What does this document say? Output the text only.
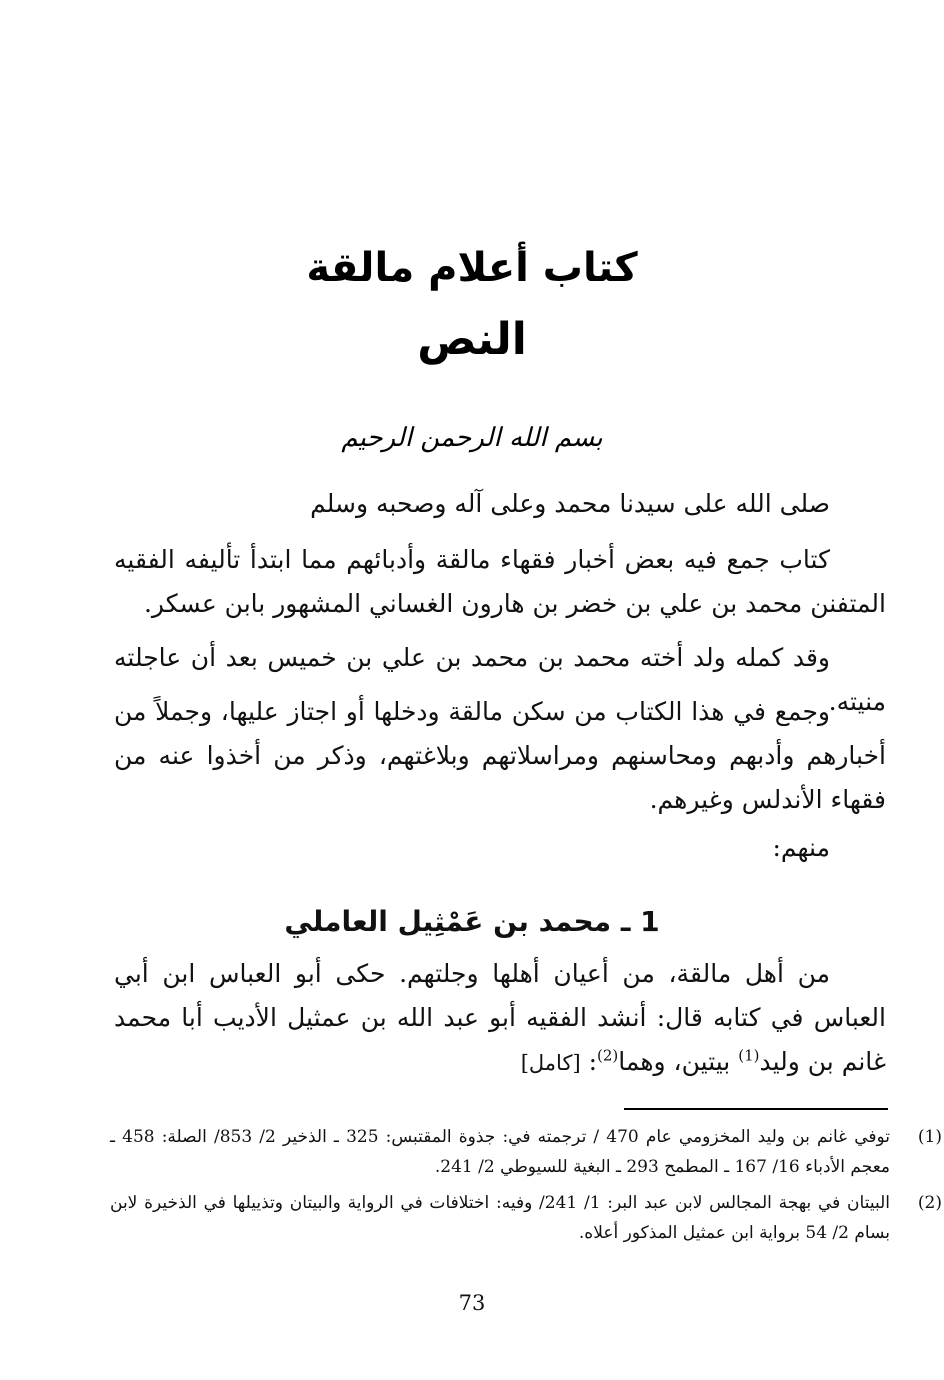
كتاب أعلام مالقة
النص
بسم الله الرحمن الرحيم

صلى الله على سيدنا محمد وعلى آله وصحبه وسلم

كتاب جمع فيه بعض أخبار فقهاء مالقة وأدبائهم مما ابتدأ تأليفه الفقيه المتفنن محمد بن علي بن خضر بن هارون الغساني المشهور بابن عسكر.

وقد كمله ولد أخته محمد بن محمد بن علي بن خميس بعد أن عاجلته منيته.

وجمع في هذا الكتاب من سكن مالقة ودخلها أو اجتاز عليها، وجملاً من أخبارهم وأدبهم ومحاسنهم ومراسلاتهم وبلاغتهم، وذكر من أخذوا عنه من فقهاء الأندلس وغيرهم.

منهم:

1 ـ محمد بن عَمْثِيل العاملي

من أهل مالقة، من أعيان أهلها وجلتهم. حكى أبو العباس ابن أبي العباس في كتابه قال: أنشد الفقيه أبو عبد الله بن عمثيل الأديب أبا محمد غانم بن وليد$^{(1)}$ بيتين، وهما$^{(2)}$: [كامل]

(1)
توفي غانم بن وليد المخزومي عام 470 / ترجمته في: جذوة المقتبس: 325 ـ الذخير 2/ 853/ الصلة: 458 ـ معجم الأدباء 16/ 167 ـ المطمح 293 ـ البغية للسيوطي 2/ 241.

(2)
البيتان في بهجة المجالس لابن عبد البر: 1/ 241/ وفيه: اختلافات في الرواية والبيتان وتذييلها في الذخيرة لابن بسام 2/ 54 برواية ابن عمثيل المذكور أعلاه.

73
